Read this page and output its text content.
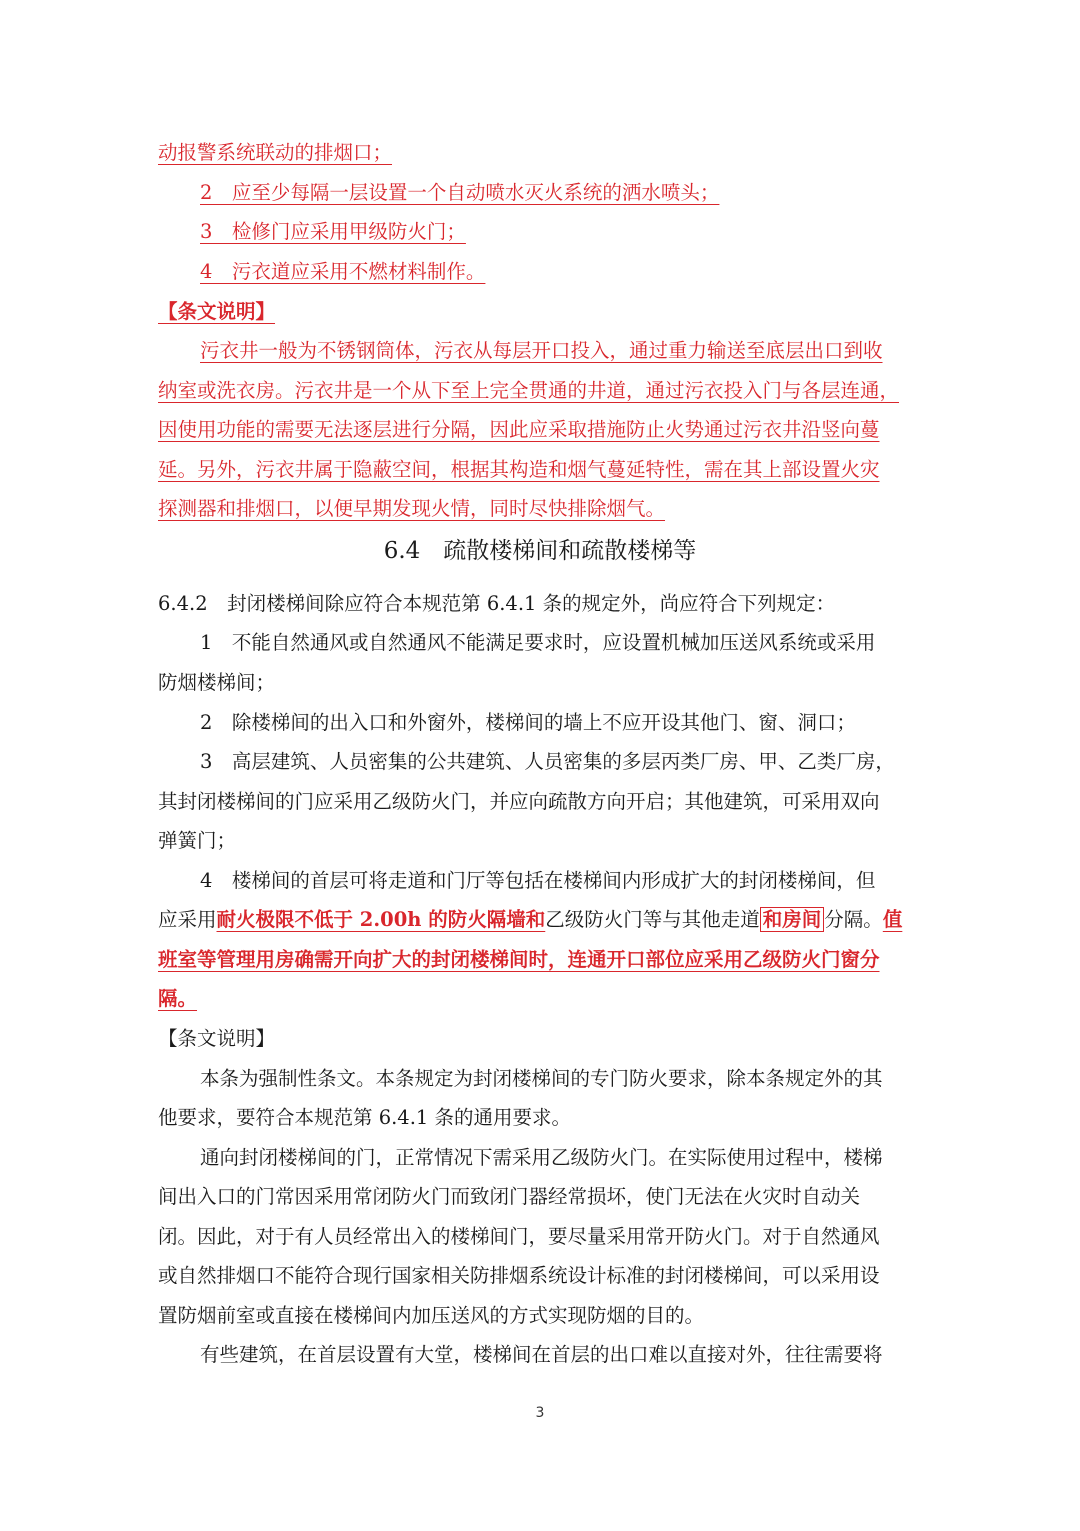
动报警系统联动的排烟口；
2　应至少每隔一层设置一个自动喷水灭火系统的洒水喷头；
3　检修门应采用甲级防火门；
4　污衣道应采用不燃材料制作。
【条文说明】
污衣井一般为不锈钢筒体，污衣从每层开口投入，通过重力输送至底层出口到收
纳室或洗衣房。污衣井是一个从下至上完全贯通的井道，通过污衣投入门与各层连通，
因使用功能的需要无法逐层进行分隔，因此应采取措施防止火势通过污衣井沿竖向蔓
延。另外，污衣井属于隐蔽空间，根据其构造和烟气蔓延特性，需在其上部设置火灾
探测器和排烟口，以便早期发现火情，同时尽快排除烟气。
6.4　 疏散楼梯间和疏散楼梯等
6.4.2　封闭楼梯间除应符合本规范第 6.4.1 条的规定外，尚应符合下列规定：
1　不能自然通风或自然通风不能满足要求时，应设置机械加压送风系统或采用
防烟楼梯间；
2　除楼梯间的出入口和外窗外，楼梯间的墙上不应开设其他门、窗、洞口；
3　高层建筑、人员密集的公共建筑、人员密集的多层丙类厂房、甲、乙类厂房，
其封闭楼梯间的门应采用乙级防火门，并应向疏散方向开启；其他建筑，可采用双向
弹簧门；
4　楼梯间的首层可将走道和门厅等包括在楼梯间内形成扩大的封闭楼梯间，但
应采用耐火极限不低于 2.00h 的防火隔墙和乙级防火门等与其他走道 和房间 分隔。值
班室等管理用房确需开向扩大的封闭楼梯间时，连通开口部位应采用乙级防火门窗分
隔。
【条文说明】
本条为强制性条文。本条规定为封闭楼梯间的专门防火要求，除本条规定外的其
他要求，要符合本规范第 6.4.1 条的通用要求。
通向封闭楼梯间的门，正常情况下需采用乙级防火门。在实际使用过程中，楼梯
间出入口的门常因采用常闭防火门而致闭门器经常损坏，使门无法在火灾时自动关
闭。因此，对于有人员经常出入的楼梯间门，要尽量采用常开防火门。对于自然通风
或自然排烟口不能符合现行国家相关防排烟系统设计标准的封闭楼梯间，可以采用设
置防烟前室或直接在楼梯间内加压送风的方式实现防烟的目的。
有些建筑，在首层设置有大堂，楼梯间在首层的出口难以直接对外，往往需要将
3
